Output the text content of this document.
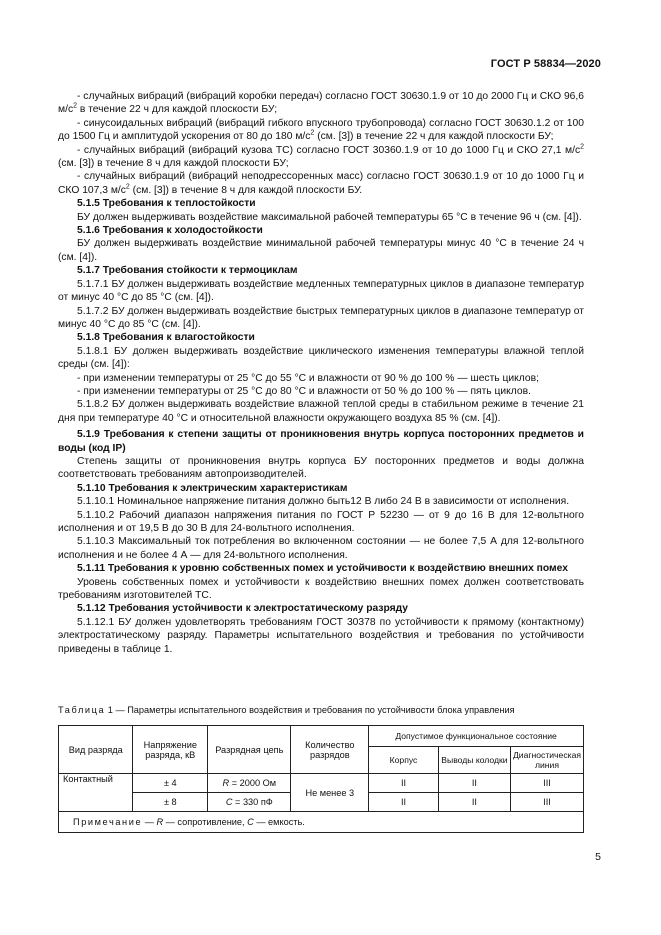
ГОСТ Р 58834—2020

- случайных вибраций (вибраций коробки передач) согласно ГОСТ 30630.1.9 от 10 до 2000 Гц и СКО 96,6 $м/с^2$ в течение 22 ч для каждой плоскости БУ;

- синусоидальных вибраций (вибраций гибкого впускного трубопровода) согласно ГОСТ 30630.1.2 от 100 до 1500 Гц и амплитудой ускорения от 80 до 180 $м/с^2$ (см. [3]) в течение 22 ч для каждой плоскости БУ;

- случайных вибраций (вибраций кузова ТС) согласно ГОСТ 30360.1.9 от 10 до 1000 Гц и СКО 27,1 $м/с^2$ (см. [3]) в течение 8 ч для каждой плоскости БУ;

- случайных вибраций (вибраций неподрессоренных масс) согласно ГОСТ 30630.1.9 от 10 до 1000 Гц и СКО 107,3 $м/с^2$ (см. [3]) в течение 8 ч для каждой плоскости БУ.

5.1.5 Требования к теплостойкости

БУ должен выдерживать воздействие максимальной рабочей температуры 65 °С в течение 96 ч (см. [4]).

5.1.6 Требования к холодостойкости

БУ должен выдерживать воздействие минимальной рабочей температуры минус 40 °С в течение 24 ч (см. [4]).

5.1.7 Требования стойкости к термоциклам

5.1.7.1 БУ должен выдерживать воздействие медленных температурных циклов в диапазоне температур от минус 40 °С до 85 °С (см. [4]).

5.1.7.2 БУ должен выдерживать воздействие быстрых температурных циклов в диапазоне температур от минус 40 °С до 85 °С (см. [4]).

5.1.8 Требования к влагостойкости

5.1.8.1 БУ должен выдерживать воздействие циклического изменения температуры влажной теплой среды (см. [4]):

- при изменении температуры от 25 °С до 55 °С и влажности от 90 % до 100 % — шесть циклов;

- при изменении температуры от 25 °С до 80 °С и влажности от 50 % до 100 % — пять циклов.

5.1.8.2 БУ должен выдерживать воздействие влажной теплой среды в стабильном режиме в течение 21 дня при температуре 40 °С и относительной влажности окружающего воздуха 85 % (см. [4]).

5.1.9 Требования к степени защиты от проникновения внутрь корпуса посторонних предметов и воды (код IP)

Степень защиты от проникновения внутрь корпуса БУ посторонних предметов и воды должна соответствовать требованиям автопроизводителей.

5.1.10 Требования к электрическим характеристикам

5.1.10.1 Номинальное напряжение питания должно быть12 В либо 24 В в зависимости от исполнения.

5.1.10.2 Рабочий диапазон напряжения питания по ГОСТ Р 52230 — от 9 до 16 В для 12-вольтного исполнения и от 19,5 В до 30 В для 24-вольтного исполнения.

5.1.10.3 Максимальный ток потребления во включенном состоянии — не более 7,5 А для 12-вольтного исполнения и не более 4 А — для 24-вольтного исполнения.

5.1.11 Требования к уровню собственных помех и устойчивости к воздействию внешних помех

Уровень собственных помех и устойчивости к воздействию внешних помех должен соответствовать требованиям изготовителей ТС.

5.1.12 Требования устойчивости к электростатическому разряду

5.1.12.1 БУ должен удовлетворять требованиям ГОСТ 30378 по устойчивости к прямому (контактному) электростатическому разряду. Параметры испытательного воздействия и требования по устойчивости приведены в таблице 1.

Таблица 1 — Параметры испытательного воздействия и требования по устойчивости блока управления
Вид разряда	Напряжение разряда, кВ	Разрядная цепь	Количество разрядов	Допустимое функциональное состояние		
				Корпус	Выводы колодки	Диагностическая линия
Контактный	± 4	R = 2000 Ом	Не менее 3	II	II	III
	± 8	C = 330 пФ		II	II	III
Примечание — R — сопротивление, С — емкость.						
5
